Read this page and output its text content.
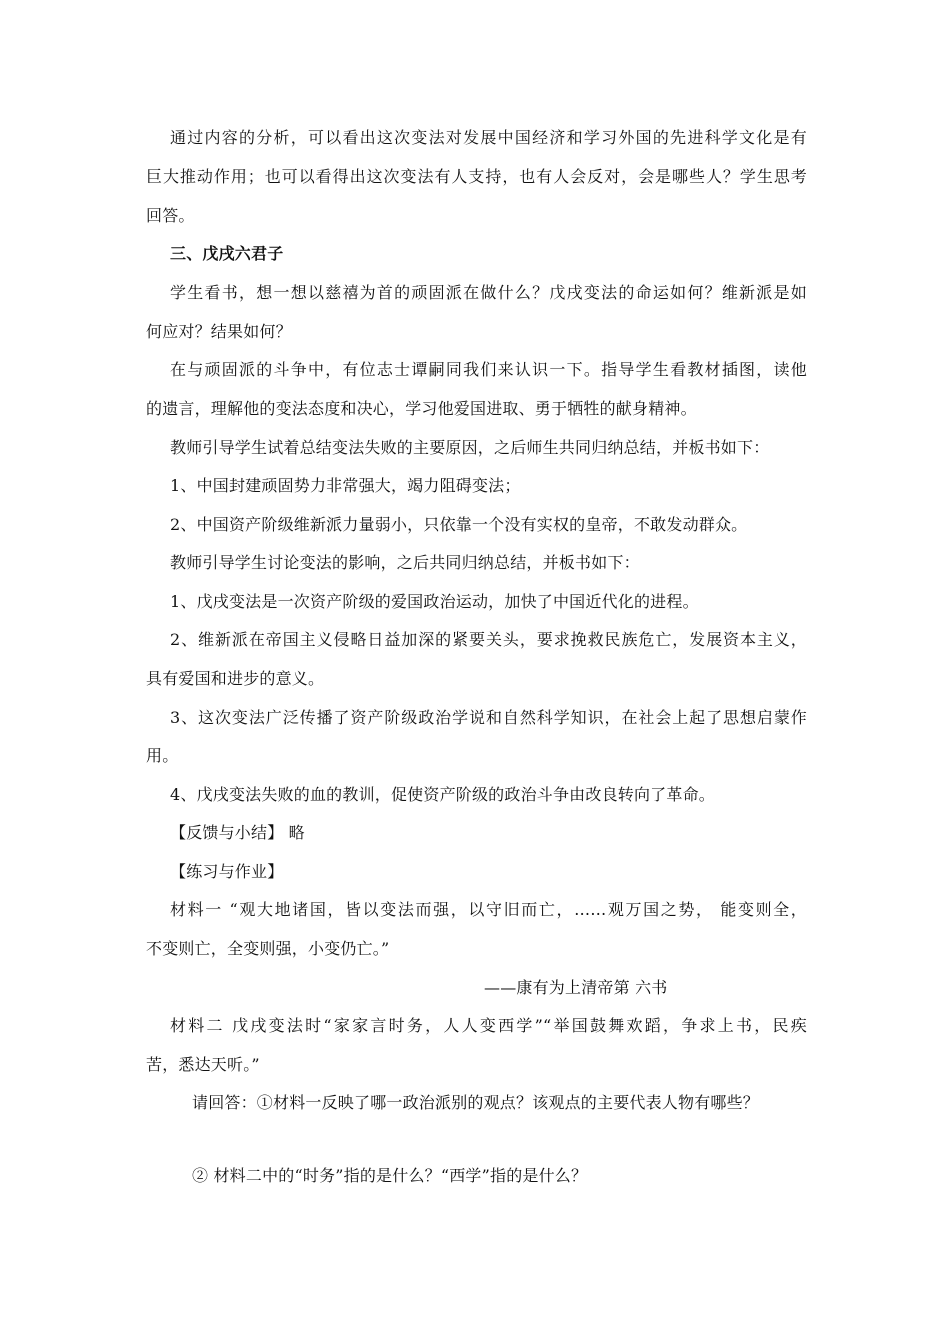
通过内容的分析，可以看出这次变法对发展中国经济和学习外国的先进科学文化是有
巨大推动作用；也可以看得出这次变法有人支持，也有人会反对，会是哪些人？学生思考
回答。
三、戊戌六君子
学生看书，想一想以慈禧为首的顽固派在做什么？戊戌变法的命运如何？维新派是如
何应对？结果如何？
在与顽固派的斗争中，有位志士谭嗣同我们来认识一下。指导学生看教材插图，读他
的遗言，理解他的变法态度和决心，学习他爱国进取、勇于牺牲的献身精神。
教师引导学生试着总结变法失败的主要原因，之后师生共同归纳总结，并板书如下：
1、中国封建顽固势力非常强大，竭力阻碍变法；
2、中国资产阶级维新派力量弱小，只依靠一个没有实权的皇帝，不敢发动群众。
教师引导学生讨论变法的影响，之后共同归纳总结，并板书如下：
1、戊戌变法是一次资产阶级的爱国政治运动，加快了中国近代化的进程。
2、维新派在帝国主义侵略日益加深的紧要关头，要求挽救民族危亡，发展资本主义，
具有爱国和进步的意义。
3、这次变法广泛传播了资产阶级政治学说和自然科学知识，在社会上起了思想启蒙作
用。
4、戊戌变法失败的血的教训，促使资产阶级的政治斗争由改良转向了革命。
【反馈与小结】 略
【练习与作业】
材料一 “观大地诸国，皆以变法而强，以守旧而亡，……观万国之势， 能变则全，
不变则亡，全变则强，小变仍亡。”
——康有为上清帝第 六书
材料二 戊戌变法时“家家言时务，人人变西学”“举国鼓舞欢蹈，争求上书，民疾
苦，悉达天听。”
请回答：①材料一反映了哪一政治派别的观点？该观点的主要代表人物有哪些？
② 材料二中的“时务”指的是什么？“西学”指的是什么？
